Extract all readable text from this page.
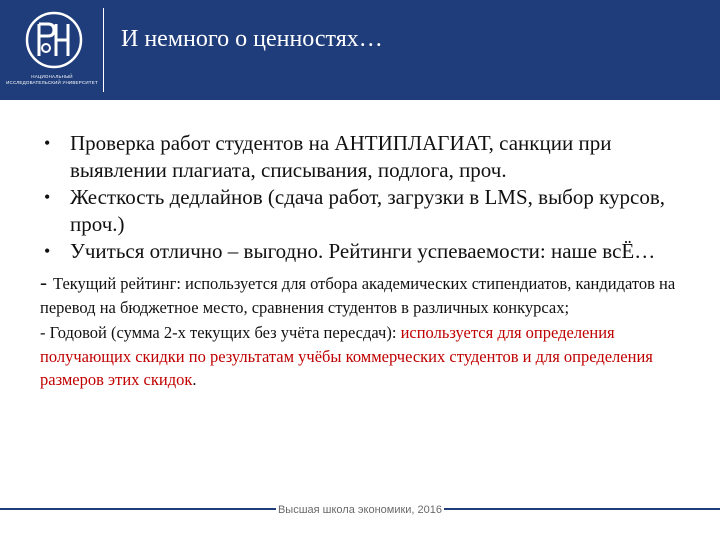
НАЦИОНАЛЬНЫЙ ИССЛЕДОВАТЕЛЬСКИЙ УНИВЕРСИТЕТ
И немного о ценностях…
• Проверка работ студентов на АНТИПЛАГИАТ, санкции при выявлении плагиата, списывания, подлога, проч.
• Жесткость дедлайнов (сдача работ, загрузки в LMS, выбор курсов, проч.)
• Учиться отлично – выгодно. Рейтинги успеваемости: наше всЁ…
- Текущий рейтинг: используется для отбора академических стипендиатов, кандидатов на перевод на бюджетное место, сравнения студентов в различных конкурсах;
- Годовой (сумма 2-х текущих без учёта пересдач): используется для определения получающих скидки по результатам учёбы коммерческих студентов и для определения размеров этих скидок.
Высшая школа экономики, 2016
